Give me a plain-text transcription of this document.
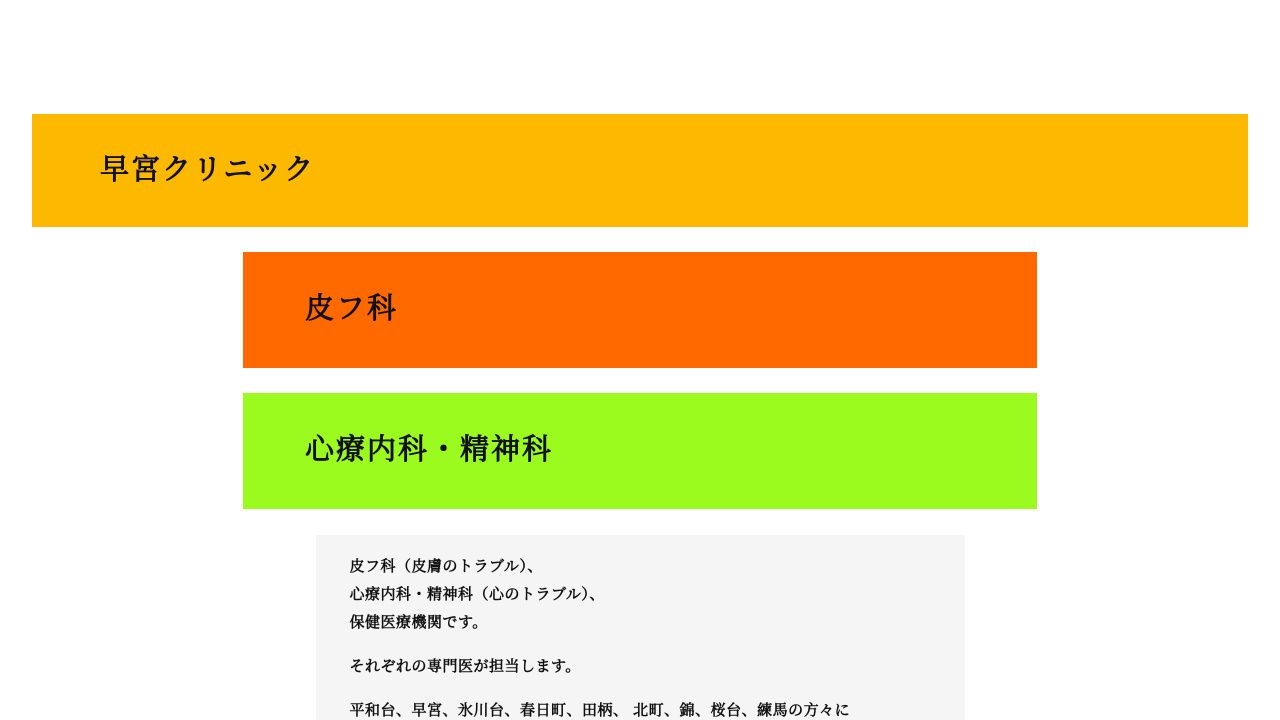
早宮クリニック
皮フ科
心療内科・精神科

皮フ科（皮膚のトラブル）、
心療内科・精神科（心のトラブル）、
保健医療機関です。

それぞれの専門医が担当します。

平和台、早宮、氷川台、春日町、田柄、 北町、錦、桜台、練馬の方々に
